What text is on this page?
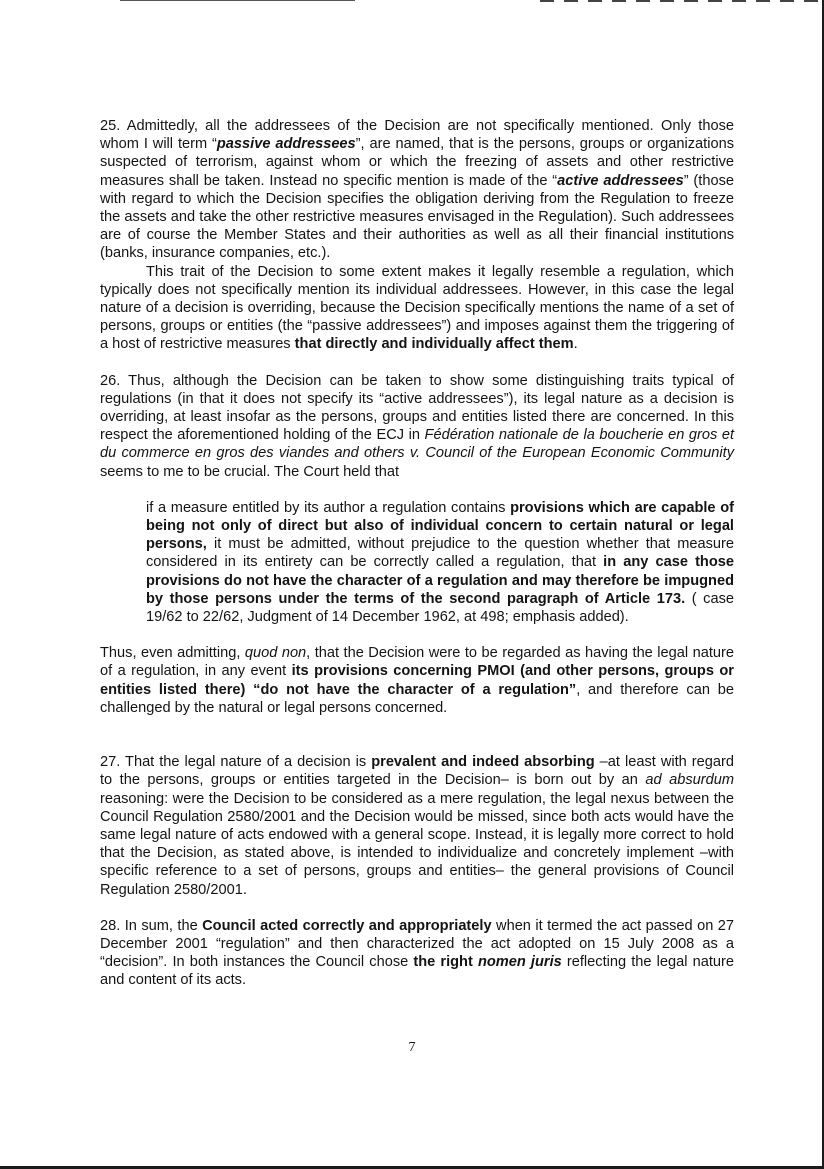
25. Admittedly, all the addressees of the Decision are not specifically mentioned. Only those whom I will term “passive addressees”, are named, that is the persons, groups or organizations suspected of terrorism, against whom or which the freezing of assets and other restrictive measures shall be taken. Instead no specific mention is made of the “active addressees” (those with regard to which the Decision specifies the obligation deriving from the Regulation to freeze the assets and take the other restrictive measures envisaged in the Regulation). Such addressees are of course the Member States and their authorities as well as all their financial institutions (banks, insurance companies, etc.).

This trait of the Decision to some extent makes it legally resemble a regulation, which typically does not specifically mention its individual addressees. However, in this case the legal nature of a decision is overriding, because the Decision specifically mentions the name of a set of persons, groups or entities (the “passive addressees”) and imposes against them the triggering of a host of restrictive measures that directly and individually affect them.

26. Thus, although the Decision can be taken to show some distinguishing traits typical of regulations (in that it does not specify its “active addressees”), its legal nature as a decision is overriding, at least insofar as the persons, groups and entities listed there are concerned. In this respect the aforementioned holding of the ECJ in Fédération nationale de la boucherie en gros et du commerce en gros des viandes and others v. Council of the European Economic Community seems to me to be crucial. The Court held that

if a measure entitled by its author a regulation contains provisions which are capable of being not only of direct but also of individual concern to certain natural or legal persons, it must be admitted, without prejudice to the question whether that measure considered in its entirety can be correctly called a regulation, that in any case those provisions do not have the character of a regulation and may therefore be impugned by those persons under the terms of the second paragraph of Article 173. ( case 19/62 to 22/62, Judgment of 14 December 1962, at 498; emphasis added).

Thus, even admitting, quod non, that the Decision were to be regarded as having the legal nature of a regulation, in any event its provisions concerning PMOI (and other persons, groups or entities listed there) “do not have the character of a regulation”, and therefore can be challenged by the natural or legal persons concerned.

27. That the legal nature of a decision is prevalent and indeed absorbing –at least with regard to the persons, groups or entities targeted in the Decision– is born out by an ad absurdum reasoning: were the Decision to be considered as a mere regulation, the legal nexus between the Council Regulation 2580/2001 and the Decision would be missed, since both acts would have the same legal nature of acts endowed with a general scope. Instead, it is legally more correct to hold that the Decision, as stated above, is intended to individualize and concretely implement –with specific reference to a set of persons, groups and entities– the general provisions of Council Regulation 2580/2001.

28. In sum, the Council acted correctly and appropriately when it termed the act passed on 27 December 2001 “regulation” and then characterized the act adopted on 15 July 2008 as a “decision”. In both instances the Council chose the right nomen juris reflecting the legal nature and content of its acts.

7
